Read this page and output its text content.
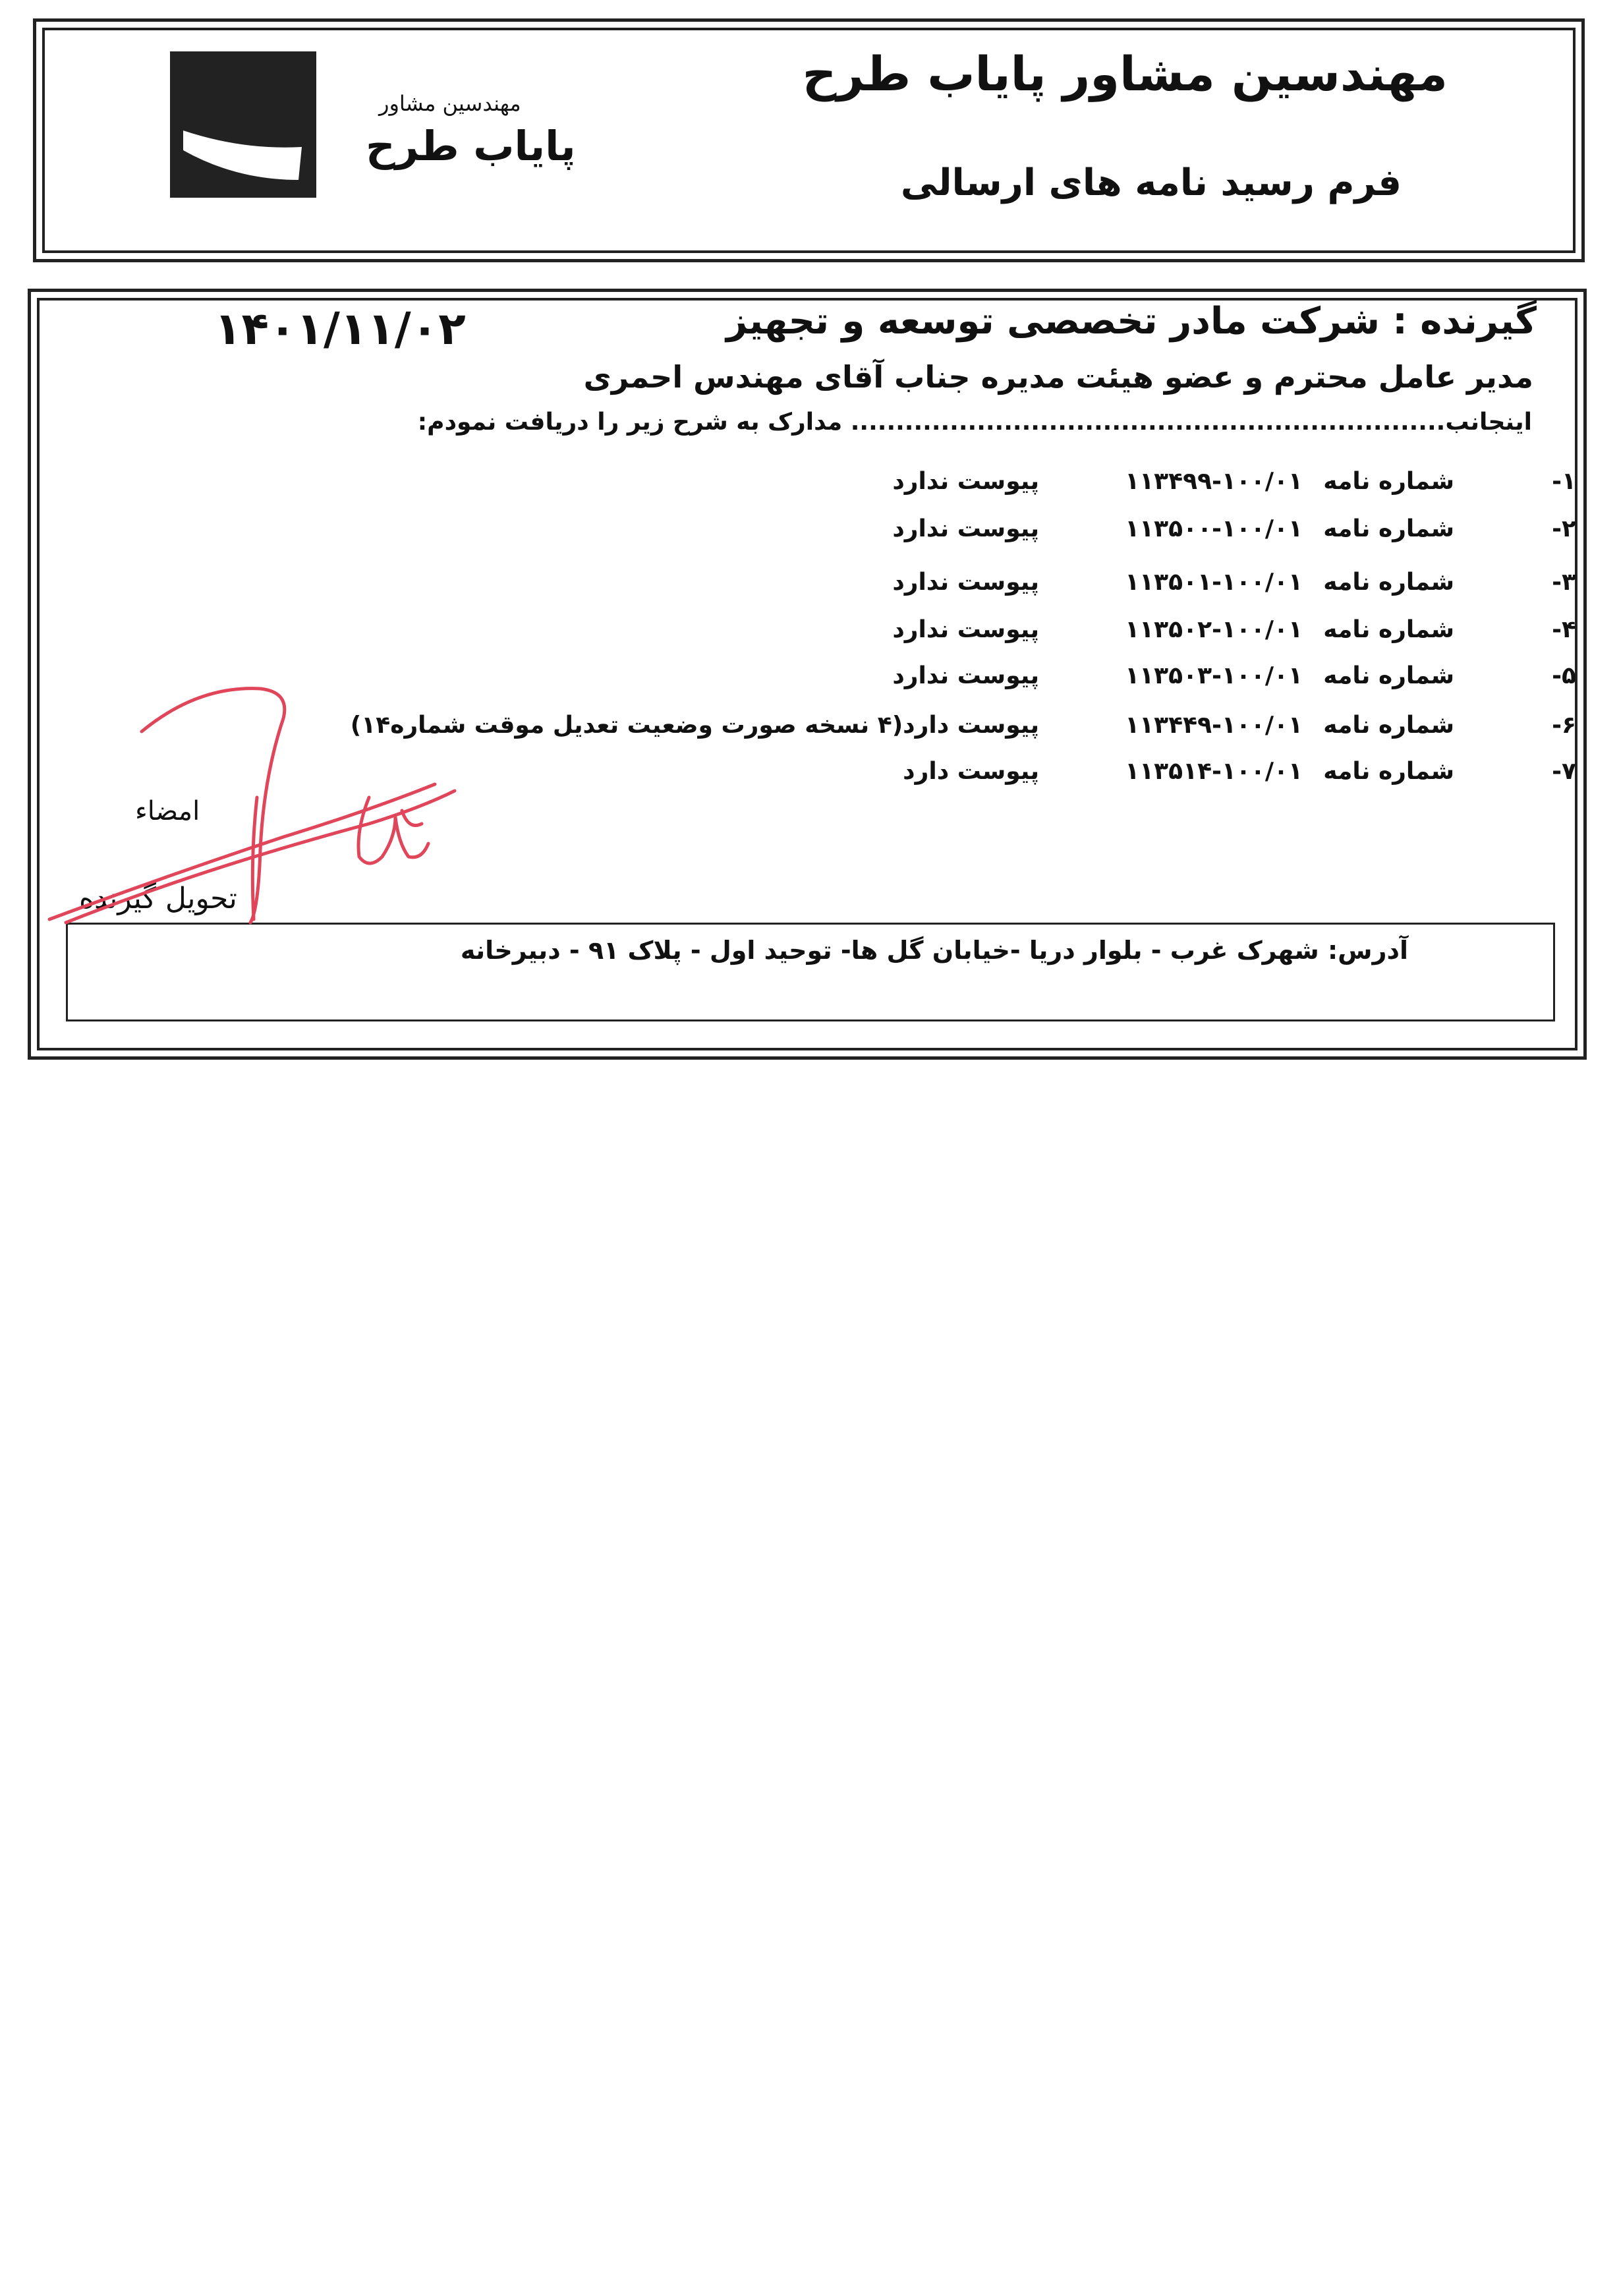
مهندسین مشاور پایاب طرح
فرم رسید نامه های ارسالی
مهندسین مشاور
پایاب طرح
گیرنده : شرکت مادر تخصصی توسعه و تجهیز
۱۴۰۱/۱۱/۰۲
مدیر عامل محترم و عضو هیئت مدیره جناب آقای مهندس احمری
اینجانب.................................................................. مدارک به شرح زیر را دریافت نمودم:
۱-
شماره نامه
۱۱۳۴۹۹-۱۰۰/۰۱
پیوست ندارد
۲-
شماره نامه
۱۱۳۵۰۰-۱۰۰/۰۱
پیوست ندارد
۳-
شماره نامه
۱۱۳۵۰۱-۱۰۰/۰۱
پیوست ندارد
۴-
شماره نامه
۱۱۳۵۰۲-۱۰۰/۰۱
پیوست ندارد
۵-
شماره نامه
۱۱۳۵۰۳-۱۰۰/۰۱
پیوست ندارد
۶-
شماره نامه
۱۱۳۴۴۹-۱۰۰/۰۱
پیوست دارد(۴ نسخه صورت وضعیت تعدیل موقت شماره۱۴)
۷-
شماره نامه
۱۱۳۵۱۴-۱۰۰/۰۱
پیوست دارد
امضاء
تحویل گیرنده
آدرس: شهرک غرب - بلوار دریا -خیابان گل ها- توحید اول - پلاک ۹۱ - دبیرخانه
